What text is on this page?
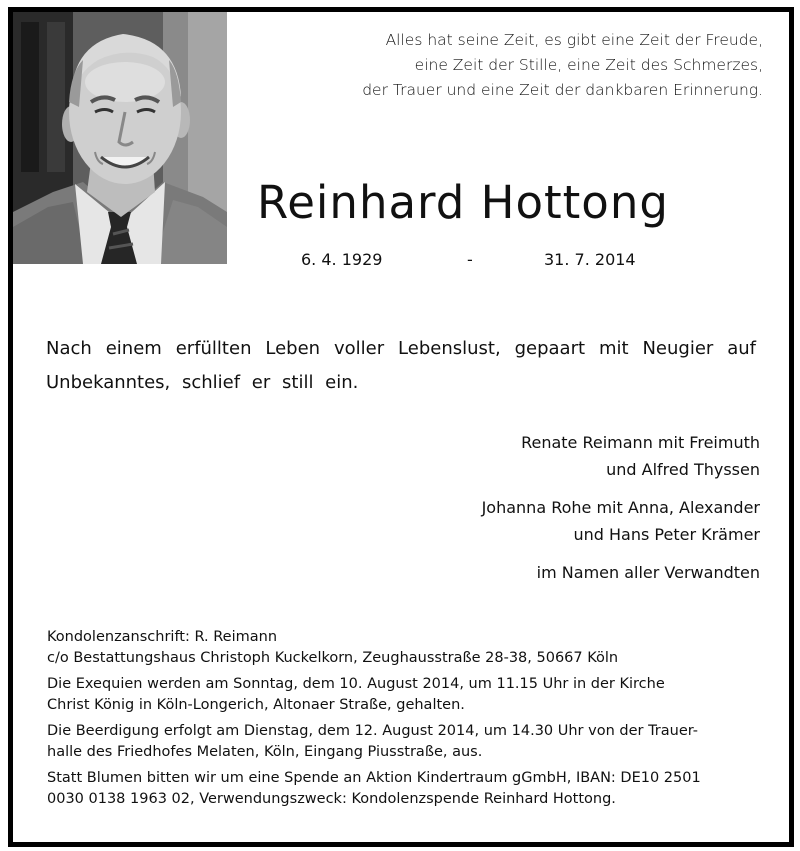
Alles hat seine Zeit, es gibt eine Zeit der Freude,
eine Zeit der Stille, eine Zeit des Schmerzes,
der Trauer und eine Zeit der dankbaren Erinnerung.
Reinhard Hottong
6. 4. 1929	-	31. 7. 2014
Nach einem erfüllten Leben voller Lebenslust, gepaart mit Neugier auf Unbekanntes, schlief er still ein.
Renate Reimann mit Freimuth
und Alfred Thyssen
Johanna Rohe mit Anna, Alexander
und Hans Peter Krämer
im Namen aller Verwandten
Kondolenzanschrift: R. Reimann
c/o Bestattungshaus Christoph Kuckelkorn, Zeughausstraße 28-38, 50667 Köln
Die Exequien werden am Sonntag, dem 10. August 2014, um 11.15 Uhr in der Kirche
Christ König in Köln-Longerich, Altonaer Straße, gehalten.
Die Beerdigung erfolgt am Dienstag, dem 12. August 2014, um 14.30 Uhr von der Trauer-
halle des Friedhofes Melaten, Köln, Eingang Piusstraße, aus.
Statt Blumen bitten wir um eine Spende an Aktion Kindertraum gGmbH, IBAN: DE10 2501
0030 0138 1963 02, Verwendungszweck: Kondolenzspende Reinhard Hottong.
